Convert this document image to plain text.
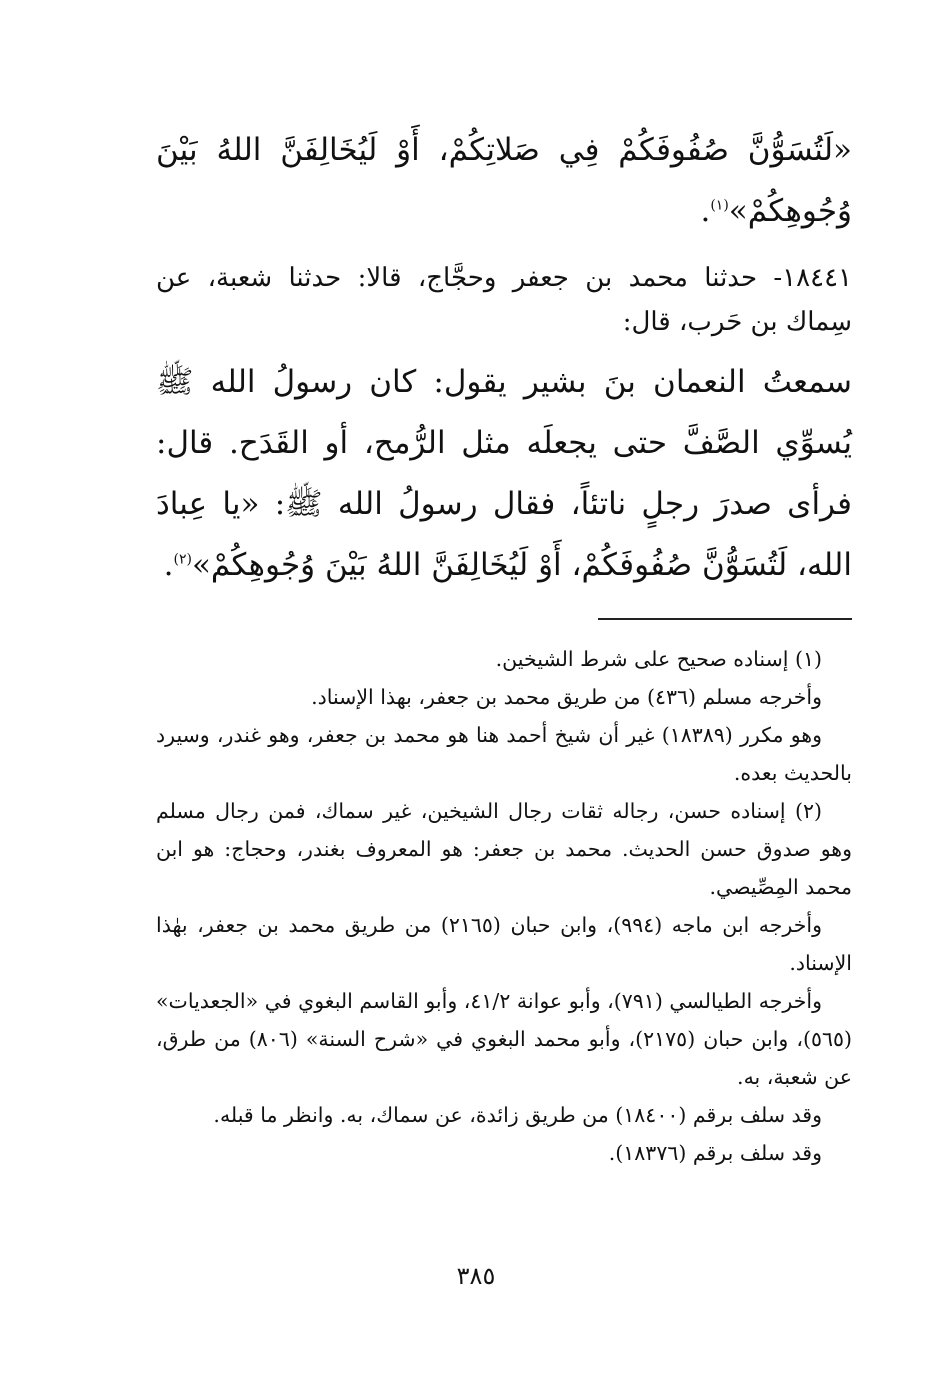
«لَتُسَوُّنَّ صُفُوفَكُمْ فِي صَلاتِكُمْ، أَوْ لَيُخَالِفَنَّ اللهُ بَيْنَ وُجُوهِكُمْ»$^{(١)}$.

١٨٤٤١- حدثنا محمد بن جعفر وحجَّاج، قالا: حدثنا شعبة، عن سِماك بن حَرب، قال:

سمعتُ النعمان بنَ بشير يقول: كان رسولُ الله ﷺ يُسوِّي الصَّفَّ حتى يجعلَه مثل الرُّمح، أو القَدَح. قال: فرأى صدرَ رجلٍ ناتئاً، فقال رسولُ الله ﷺ: «يا عِبادَ الله، لَتُسَوُّنَّ صُفُوفَكُمْ، أَوْ لَيُخَالِفَنَّ اللهُ بَيْنَ وُجُوهِكُمْ»$^{(٢)}$.

(١) إسناده صحيح على شرط الشيخين.

وأخرجه مسلم (٤٣٦) من طريق محمد بن جعفر، بهذا الإسناد.

وهو مكرر (١٨٣٨٩) غير أن شيخ أحمد هنا هو محمد بن جعفر، وهو غندر، وسيرد بالحديث بعده.

(٢) إسناده حسن، رجاله ثقات رجال الشيخين، غير سماك، فمن رجال مسلم وهو صدوق حسن الحديث. محمد بن جعفر: هو المعروف بغندر، وحجاج: هو ابن محمد المِصِّيصي.

وأخرجه ابن ماجه (٩٩٤)، وابن حبان (٢١٦٥) من طريق محمد بن جعفر، بهٰذا الإسناد.

وأخرجه الطيالسي (٧٩١)، وأبو عوانة ٤١/٢، وأبو القاسم البغوي في «الجعديات» (٥٦٥)، وابن حبان (٢١٧٥)، وأبو محمد البغوي في «شرح السنة» (٨٠٦) من طرق، عن شعبة، به.

وقد سلف برقم (١٨٤٠٠) من طريق زائدة، عن سماك، به. وانظر ما قبله.

وقد سلف برقم (١٨٣٧٦).

٣٨٥
